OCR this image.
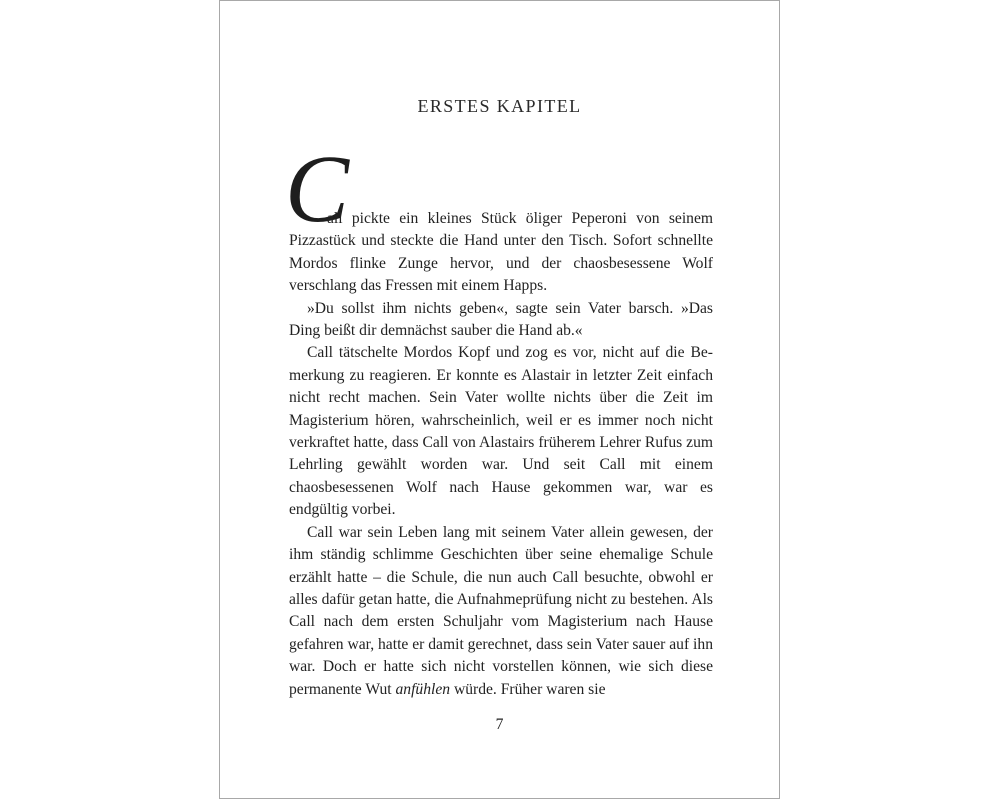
ERSTES KAPITEL
C

all pickte ein kleines Stück öliger Peperoni von seinem Pizzastück und steckte die Hand unter den Tisch. Sofort schnellte Mordos flinke Zunge hervor, und der chaosbesessene Wolf verschlang das Fressen mit einem Happs.

»Du sollst ihm nichts geben«, sagte sein Vater barsch. »Das Ding beißt dir demnächst sauber die Hand ab.«

Call tätschelte Mordos Kopf und zog es vor, nicht auf die Bemerkung zu reagieren. Er konnte es Alastair in letzter Zeit einfach nicht recht machen. Sein Vater wollte nichts über die Zeit im Magisterium hören, wahrscheinlich, weil er es immer noch nicht verkraftet hatte, dass Call von Alastairs früherem Lehrer Rufus zum Lehrling gewählt worden war. Und seit Call mit einem chaosbesessenen Wolf nach Hause gekommen war, war es endgültig vorbei.

Call war sein Leben lang mit seinem Vater allein gewesen, der ihm ständig schlimme Geschichten über seine ehemalige Schule erzählt hatte – die Schule, die nun auch Call besuchte, obwohl er alles dafür getan hatte, die Aufnahmeprüfung nicht zu bestehen. Als Call nach dem ersten Schuljahr vom Magisterium nach Hause gefahren war, hatte er damit gerechnet, dass sein Vater sauer auf ihn war. Doch er hatte sich nicht vorstellen können, wie sich diese permanente Wut anfühlen würde. Früher waren sie

7
